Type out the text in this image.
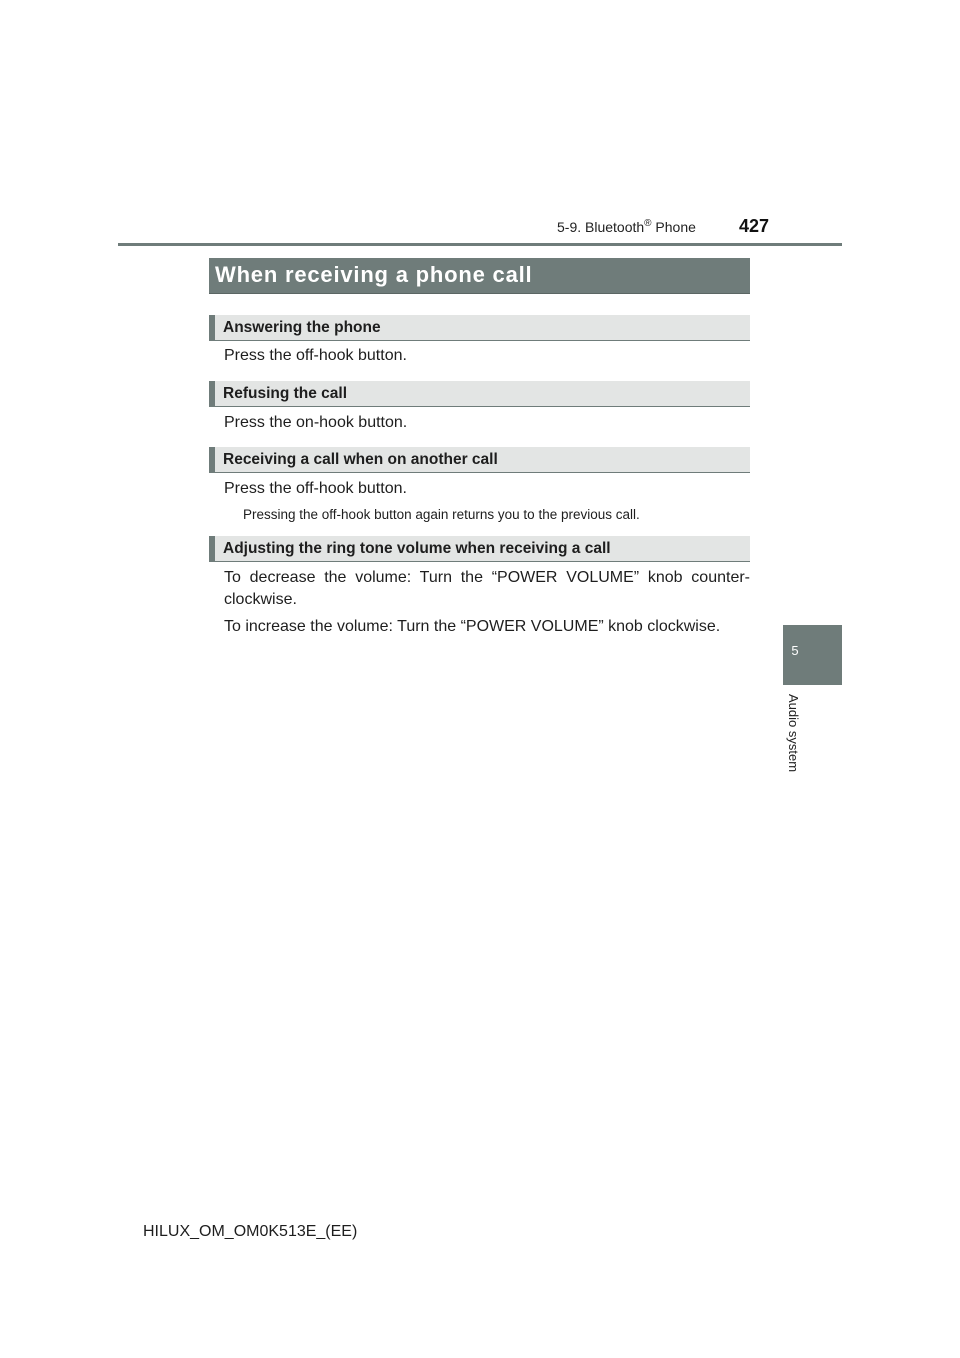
5-9. Bluetooth® Phone 427
5
Audio system
When receiving a phone call
Answering the phone
Press the off-hook button.
Refusing the call
Press the on-hook button.
Receiving a call when on another call
Press the off-hook button.
Pressing the off-hook button again returns you to the previous call.
Adjusting the ring tone volume when receiving a call
To decrease the volume: Turn the “POWER VOLUME” knob counter-
clockwise.
To increase the volume: Turn the “POWER VOLUME” knob clockwise.
HILUX_OM_OM0K513E_(EE)
